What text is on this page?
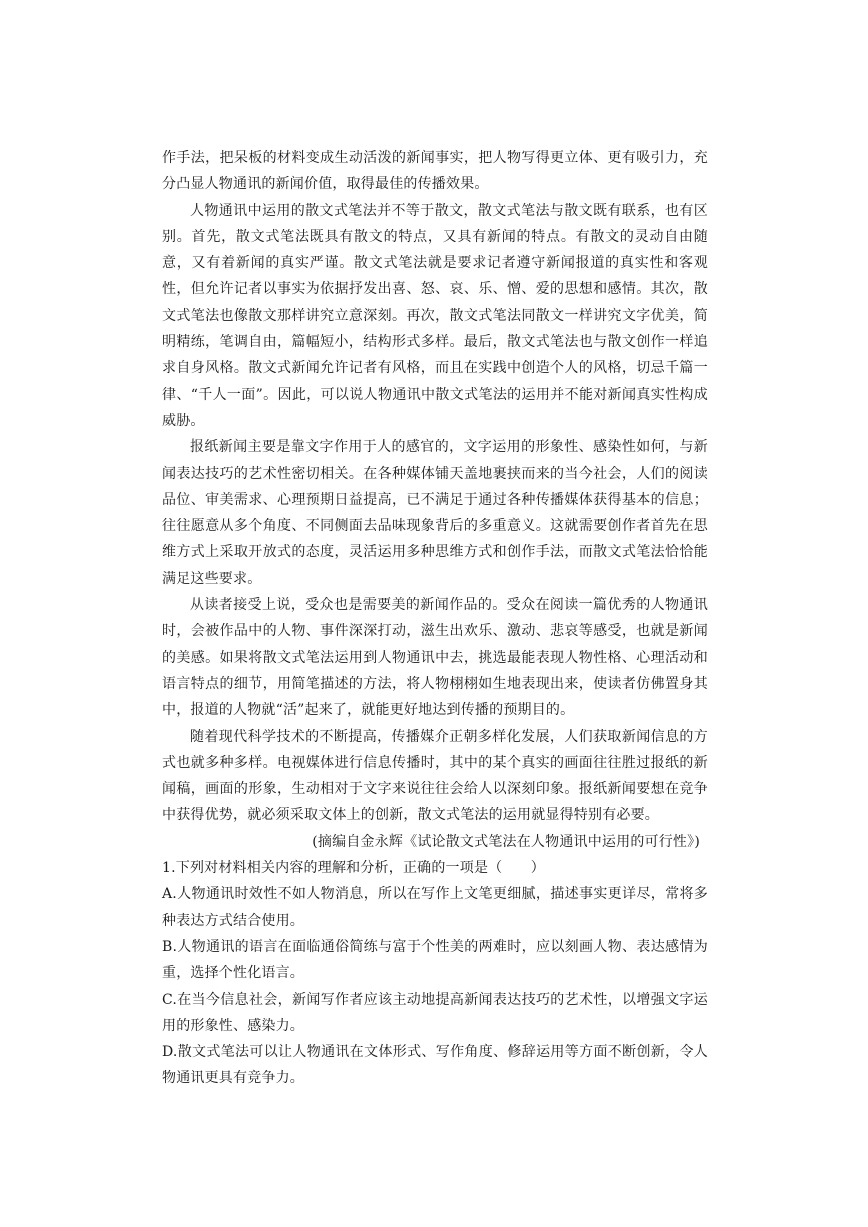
作手法，把呆板的材料变成生动活泼的新闻事实，把人物写得更立体、更有吸引力，充分凸显人物通讯的新闻价值，取得最佳的传播效果。

人物通讯中运用的散文式笔法并不等于散文，散文式笔法与散文既有联系，也有区别。首先，散文式笔法既具有散文的特点，又具有新闻的特点。有散文的灵动自由随意，又有着新闻的真实严谨。散文式笔法就是要求记者遵守新闻报道的真实性和客观性，但允许记者以事实为依据抒发出喜、怒、哀、乐、憎、爱的思想和感情。其次，散文式笔法也像散文那样讲究立意深刻。再次，散文式笔法同散文一样讲究文字优美，简明精练，笔调自由，篇幅短小，结构形式多样。最后，散文式笔法也与散文创作一样追求自身风格。散文式新闻允许记者有风格，而且在实践中创造个人的风格，切忌千篇一律、“千人一面”。因此，可以说人物通讯中散文式笔法的运用并不能对新闻真实性构成威胁。

报纸新闻主要是靠文字作用于人的感官的，文字运用的形象性、感染性如何，与新闻表达技巧的艺术性密切相关。在各种媒体铺天盖地裹挟而来的当今社会，人们的阅读品位、审美需求、心理预期日益提高，已不满足于通过各种传播媒体获得基本的信息；往往愿意从多个角度、不同侧面去品味现象背后的多重意义。这就需要创作者首先在思维方式上采取开放式的态度，灵活运用多种思维方式和创作手法，而散文式笔法恰恰能满足这些要求。

从读者接受上说，受众也是需要美的新闻作品的。受众在阅读一篇优秀的人物通讯时，会被作品中的人物、事件深深打动，滋生出欢乐、激动、悲哀等感受，也就是新闻的美感。如果将散文式笔法运用到人物通讯中去，挑选最能表现人物性格、心理活动和语言特点的细节，用简笔描述的方法，将人物栩栩如生地表现出来，使读者仿佛置身其中，报道的人物就“活”起来了，就能更好地达到传播的预期目的。

随着现代科学技术的不断提高，传播媒介正朝多样化发展，人们获取新闻信息的方式也就多种多样。电视媒体进行信息传播时，其中的某个真实的画面往往胜过报纸的新闻稿，画面的形象，生动相对于文字来说往往会给人以深刻印象。报纸新闻要想在竞争中获得优势，就必须采取文体上的创新，散文式笔法的运用就显得特别有必要。

(摘编自金永辉《试论散文式笔法在人物通讯中运用的可行性》)

1.下列对材料相关内容的理解和分析，正确的一项是（　　）

A.人物通讯时效性不如人物消息，所以在写作上文笔更细腻，描述事实更详尽，常将多种表达方式结合使用。

B.人物通讯的语言在面临通俗简练与富于个性美的两难时，应以刻画人物、表达感情为重，选择个性化语言。

C.在当今信息社会，新闻写作者应该主动地提高新闻表达技巧的艺术性，以增强文字运用的形象性、感染力。

D.散文式笔法可以让人物通讯在文体形式、写作角度、修辞运用等方面不断创新，令人物通讯更具有竞争力。
